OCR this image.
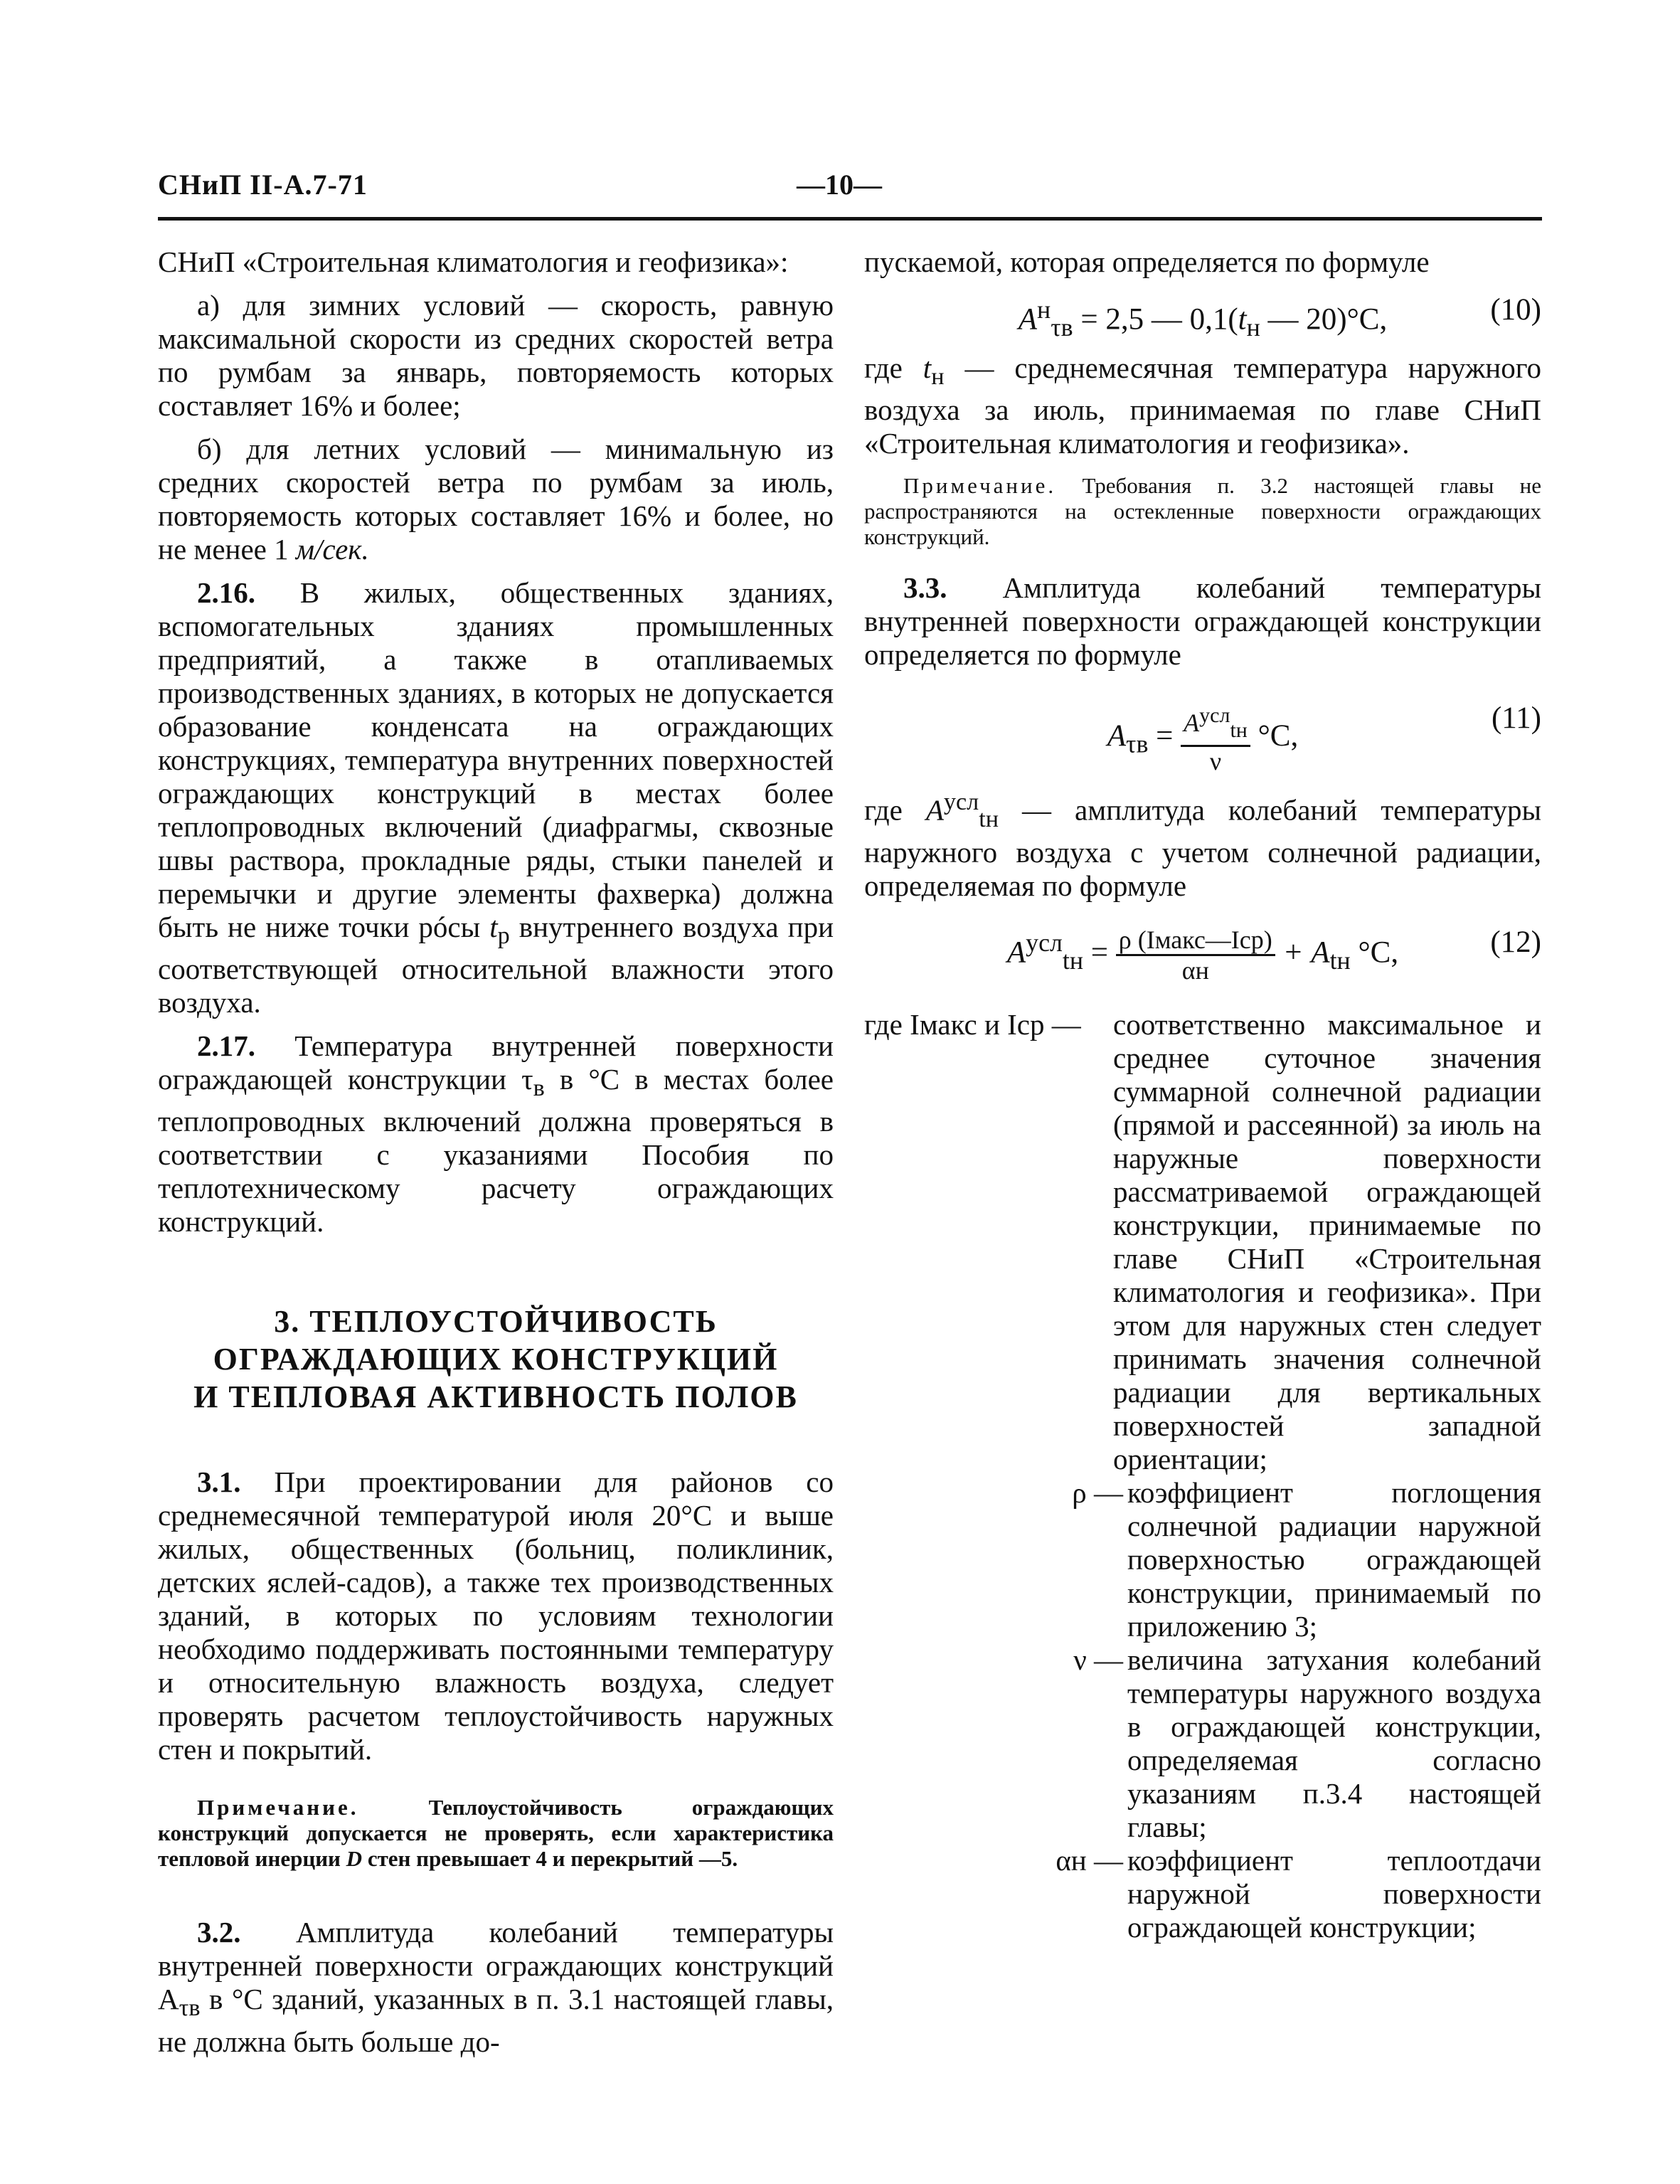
СНиП II-А.7-71	—10—

СНиП «Строительная климатология и геофизика»:

а) для зимних условий — скорость, равную максимальной скорости из средних скоростей ветра по румбам за январь, повторяемость которых составляет 16% и более;

б) для летних условий — минимальную из средних скоростей ветра по румбам за июль, повторяемость которых составляет 16% и более, но не менее 1 м/сек.

2.16. В жилых, общественных зданиях, вспомогательных зданиях промышленных предприятий, а также в отапливаемых производственных зданиях, в которых не допускается образование конденсата на ограждающих конструкциях, температура внутренних поверхностей ограждающих конструкций в местах более теплопроводных включений (диафрагмы, сквозные швы раствора, прокладные ряды, стыки панелей и перемычки и другие элементы фахверка) должна быть не ниже точки рóсы $t_р$ внутреннего воздуха при соответствующей относительной влажности этого воздуха.

2.17. Температура внутренней поверхности ограждающей конструкции $\tau_в$ в °С в местах более теплопроводных включений должна проверяться в соответствии с указаниями Пособия по теплотехническому расчету ограждающих конструкций.

3. ТЕПЛОУСТОЙЧИВОСТЬ
ОГРАЖДАЮЩИХ КОНСТРУКЦИЙ
И ТЕПЛОВАЯ АКТИВНОСТЬ ПОЛОВ

3.1. При проектировании для районов со среднемесячной температурой июля 20°С и выше жилых, общественных (больниц, поликлиник, детских яслей-садов), а также тех производственных зданий, в которых по условиям технологии необходимо поддерживать постоянными температуру и относительную влажность воздуха, следует проверять расчетом теплоустойчивость наружных стен и покрытий.

Примечание.	Теплоустойчивость ограждающих конструкций допускается не проверять, если характеристика тепловой инерции D стен превышает 4 и перекрытий —5.

3.2. Амплитуда колебаний температуры внутренней поверхности ограждающих конструкций $А_{\tau в}$ в °С зданий, указанных в п. 3.1 настоящей главы, не должна быть больше до-

пускаемой, которая определяется по формуле

$A^н_{\tau в} = 2,5$ — $0,1(t_н$ — 20)°С,	(10)

где $t_н$ — среднемесячная температура наружного воздуха за июль, принимаемая по главе СНиП «Строительная климатология и геофизика».

Примечание. Требования п. 3.2 настоящей главы не распространяются на остекленные поверхности ограждающих конструкций.

3.3. Амплитуда колебаний температуры внутренней поверхности ограждающей конструкции определяется по формуле

$A_{\tau в} = \frac{A^{усл}_{tн}}{\nu} ^\circ С$,
(11)

где $A^{усл}_{tн}$ — амплитуда колебаний температуры наружного воздуха с учетом солнечной радиации, определяемая по формуле

$A^{усл}_{tн} = \frac{\text{ρ (Iмакс—Iср)}}{\alpha н} + A_{tн}$ °С,	(12)
где Iмакс и Iср —	соответственно максимальное и среднее суточное значения суммарной солнечной радиации (прямой и рассеянной) за июль на наружные поверхности рассматриваемой ограждающей конструкции, принимаемые по главе СНиП «Строительная климатология и геофизика». При этом для наружных стен следует принимать значения солнечной радиации для вертикальных поверхностей западной ориентации;
ρ — коэффициент поглощения солнечной радиации наружной поверхностью ограждающей конструкции, принимаемый по приложению 3;
ν — величина затухания колебаний температуры наружного воздуха в ограждающей конструкции, определяемая согласно указаниям п.3.4 настоящей главы;
αн — коэффициент теплоотдачи наружной поверхности ограждающей конструкции;
